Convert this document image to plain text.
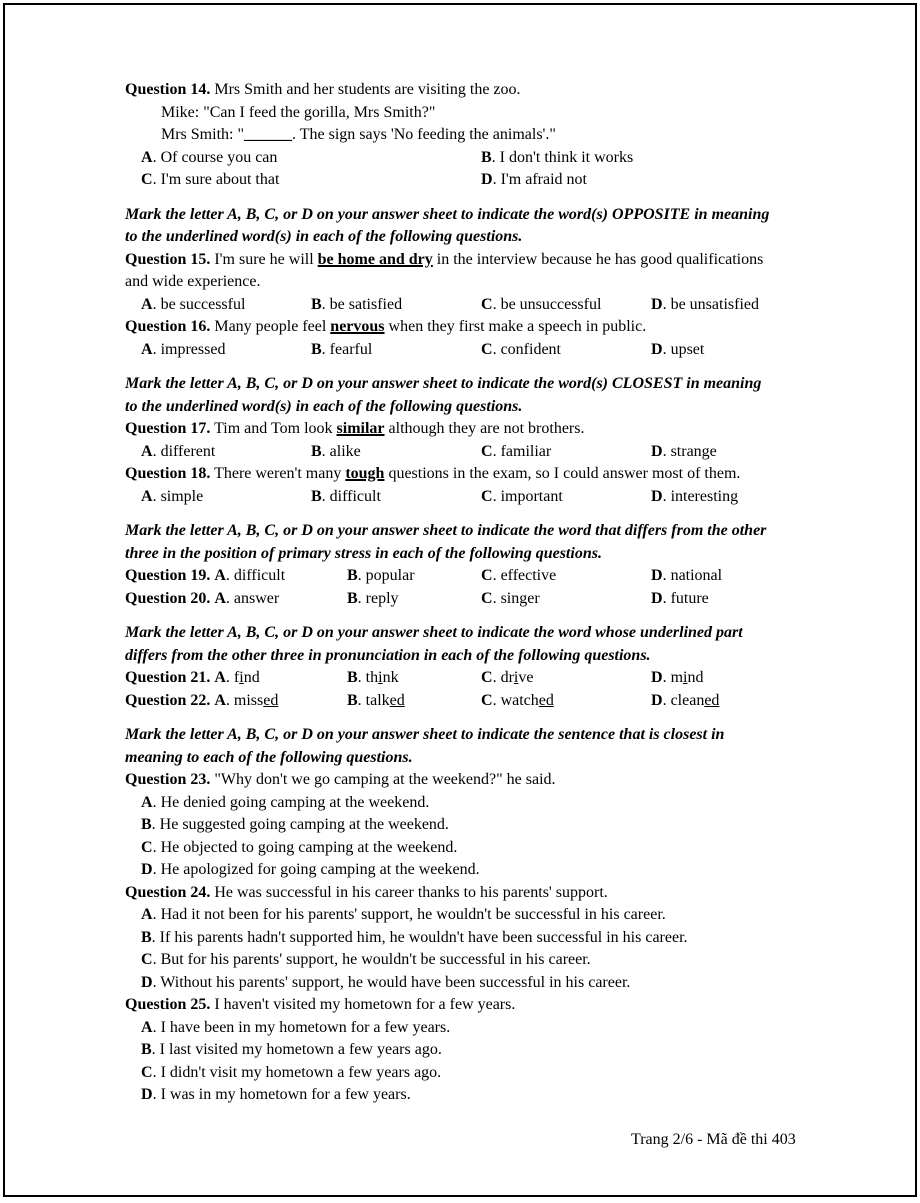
Question 14. Mrs Smith and her students are visiting the zoo.
Mike: "Can I feed the gorilla, Mrs Smith?"
Mrs Smith: "______. The sign says 'No feeding the animals'."
A. Of course you can	B. I don't think it works
C. I'm sure about that	D. I'm afraid not
Mark the letter A, B, C, or D on your answer sheet to indicate the word(s) OPPOSITE in meaning
to the underlined word(s) in each of the following questions.
Question 15. I'm sure he will be home and dry in the interview because he has good qualifications
and wide experience.
A. be successful	B. be satisfied	C. be unsuccessful	D. be unsatisfied
Question 16. Many people feel nervous when they first make a speech in public.
A. impressed	B. fearful	C. confident	D. upset
Mark the letter A, B, C, or D on your answer sheet to indicate the word(s) CLOSEST in meaning
to the underlined word(s) in each of the following questions.
Question 17. Tim and Tom look similar although they are not brothers.
A. different	B. alike	C. familiar	D. strange
Question 18. There weren't many tough questions in the exam, so I could answer most of them.
A. simple	B. difficult	C. important	D. interesting
Mark the letter A, B, C, or D on your answer sheet to indicate the word that differs from the other
three in the position of primary stress in each of the following questions.
Question 19. A. difficult	B. popular	C. effective	D. national
Question 20. A. answer	B. reply	C. singer	D. future
Mark the letter A, B, C, or D on your answer sheet to indicate the word whose underlined part
differs from the other three in pronunciation in each of the following questions.
Question 21. A. find	B. think	C. drive	D. mind
Question 22. A. missed	B. talked	C. watched	D. cleaned
Mark the letter A, B, C, or D on your answer sheet to indicate the sentence that is closest in
meaning to each of the following questions.
Question 23. "Why don't we go camping at the weekend?" he said.
A. He denied going camping at the weekend.
B. He suggested going camping at the weekend.
C. He objected to going camping at the weekend.
D. He apologized for going camping at the weekend.
Question 24. He was successful in his career thanks to his parents' support.
A. Had it not been for his parents' support, he wouldn't be successful in his career.
B. If his parents hadn't supported him, he wouldn't have been successful in his career.
C. But for his parents' support, he wouldn't be successful in his career.
D. Without his parents' support, he would have been successful in his career.
Question 25. I haven't visited my hometown for a few years.
A. I have been in my hometown for a few years.
B. I last visited my hometown a few years ago.
C. I didn't visit my hometown a few years ago.
D. I was in my hometown for a few years.
Trang 2/6 - Mã đề thi 403
